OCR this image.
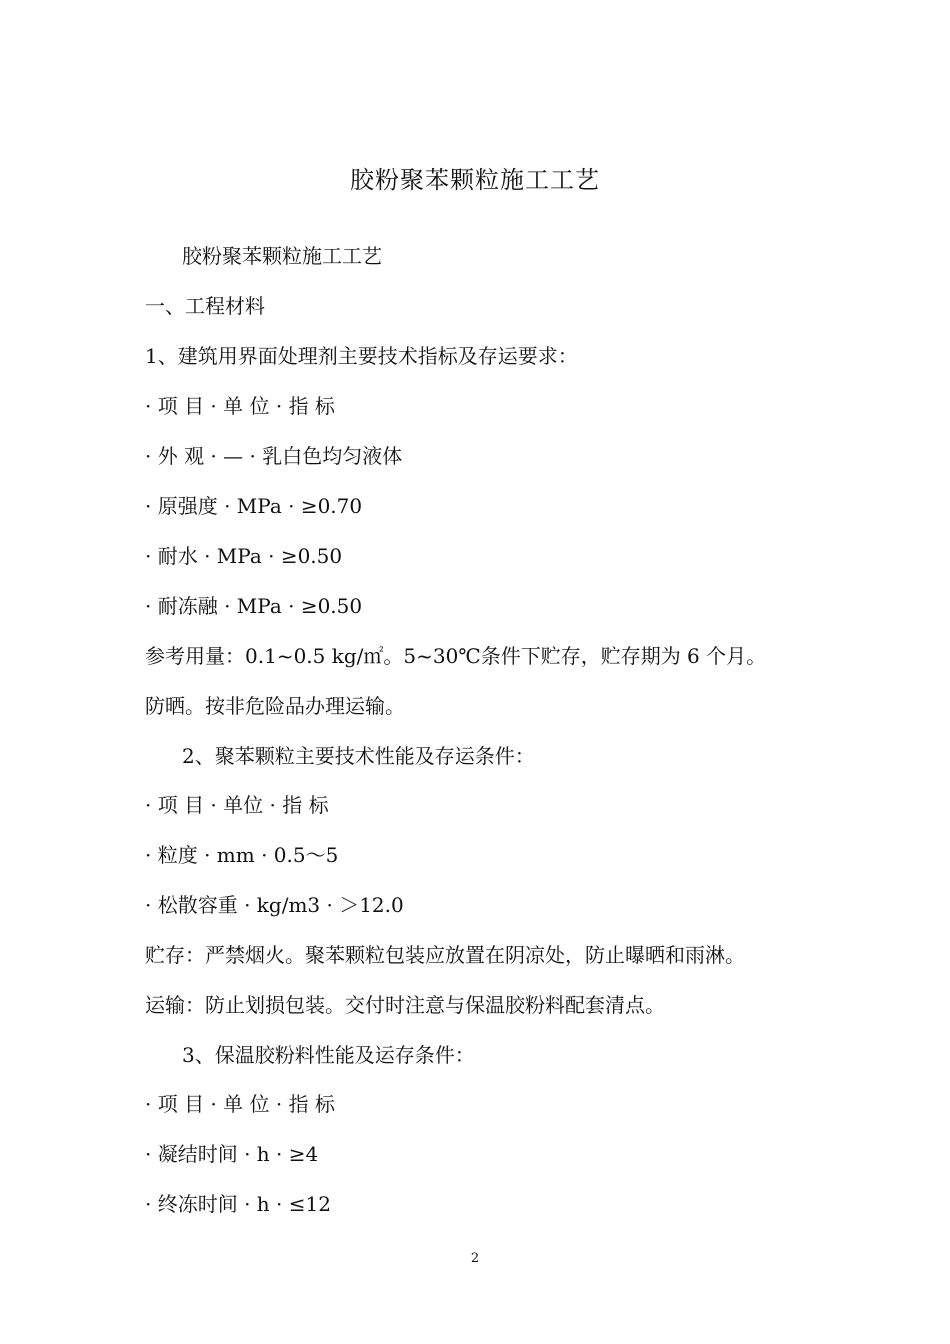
胶粉聚苯颗粒施工工艺
胶粉聚苯颗粒施工工艺
一、工程材料
1、建筑用界面处理剂主要技术指标及存运要求：
· 项 目 · 单 位 · 指 标
· 外 观 · — · 乳白色均匀液体
· 原强度 · MPa · ≥0.70
· 耐水 · MPa · ≥0.50
· 耐冻融 · MPa · ≥0.50
参考用量：0.1~0.5 kg/㎡。5~30℃条件下贮存，贮存期为 6 个月。
防晒。按非危险品办理运输。
2、聚苯颗粒主要技术性能及存运条件：
· 项 目 · 单位 · 指 标
· 粒度 · mm · 0.5～5
· 松散容重 · kg/m3 · ＞12.0
贮存：严禁烟火。聚苯颗粒包装应放置在阴凉处，防止曝晒和雨淋。
运输：防止划损包装。交付时注意与保温胶粉料配套清点。
3、保温胶粉料性能及运存条件：
· 项 目 · 单 位 · 指 标
· 凝结时间 · h · ≥4
· 终冻时间 · h · ≤12
2
